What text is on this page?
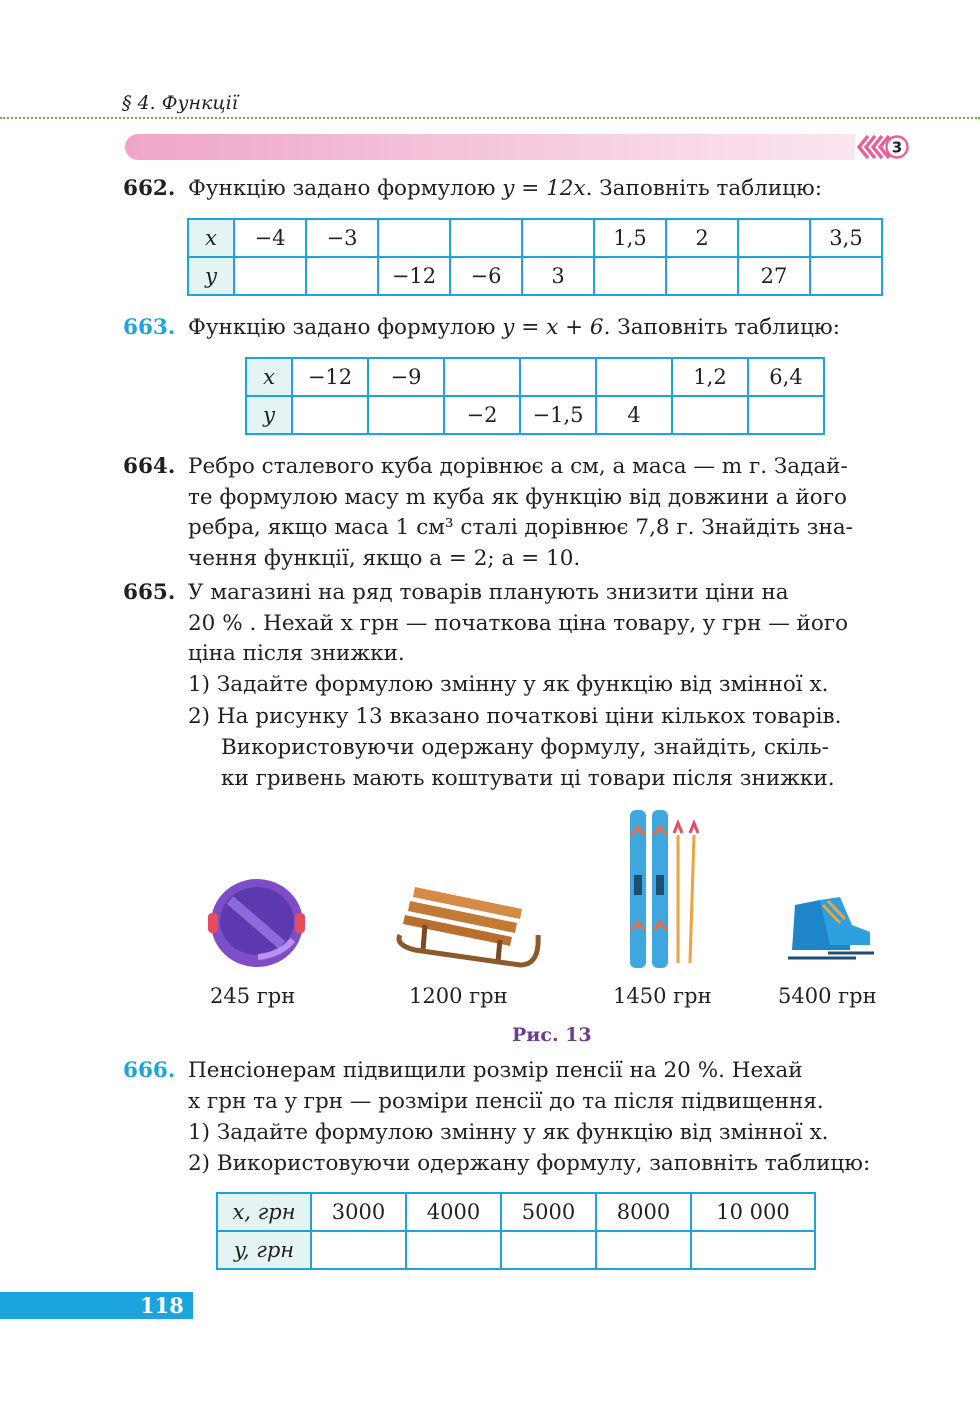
§ 4. Функції
3
662. Функцію задано формулою y = 12x. Заповніть таблицю:
x	−4	−3				1,5	2		3,5
y			−12	−6	3			27	
663. Функцію задано формулою y = x + 6. Заповніть таблицю:
x	−12	−9				1,2	6,4
y			−2	−1,5	4		
664. Ребро сталевого куба дорівнює a см, а маса — m г. Задай-
те формулою масу m куба як функцію від довжини a його
ребра, якщо маса 1 см³ сталі дорівнює 7,8 г. Знайдіть зна-
чення функції, якщо a = 2; a = 10.
665. У магазині на ряд товарів планують знизити ціни на
20 % . Нехай x грн — початкова ціна товару, y грн — його
ціна після знижки.
1) Задайте формулою змінну y як функцію від змінної x.
2) На рисунку 13 вказано початкові ціни кількох товарів.
Використовуючи одержану формулу, знайдіть, скіль-
ки гривень мають коштувати ці товари після знижки.
245 грн	1200 грн	1450 грн	5400 грн
Рис. 13
666. Пенсіонерам підвищили розмір пенсії на 20 %. Нехай
x грн та y грн — розміри пенсії до та після підвищення.
1) Задайте формулою змінну y як функцію від змінної x.
2) Використовуючи одержану формулу, заповніть таблицю:
x, грн	3000	4000	5000	8000	10 000
y, грн					
118
